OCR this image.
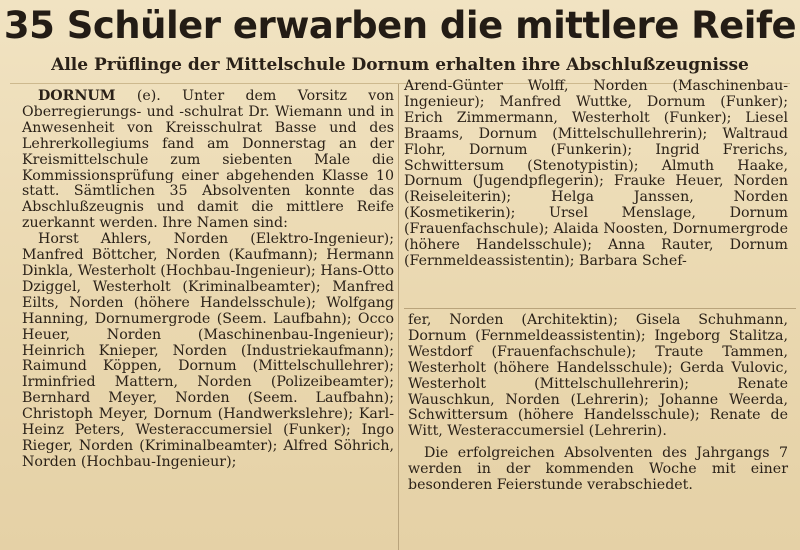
35 Schüler erwarben die mittlere Reife
Alle Prüflinge der Mittelschule Dornum erhalten ihre Abschlußzeugnisse
DORNUM (e). Unter dem Vorsitz von Oberregierungs- und -schulrat Dr. Wiemann und in Anwesenheit von Kreisschulrat Basse und des Lehrerkollegiums fand am Donnerstag an der Kreismittelschule zum siebenten Male die Kommissionsprüfung einer abgehenden Klasse 10 statt. Sämtlichen 35 Absolventen konnte das Abschlußzeugnis und damit die mittlere Reife zuerkannt werden. Ihre Namen sind:
Horst Ahlers, Norden (Elektro-Ingenieur); Manfred Böttcher, Norden (Kaufmann); Hermann Dinkla, Westerholt (Hochbau-Ingenieur); Hans-Otto Dziggel, Westerholt (Kriminalbeamter); Manfred Eilts, Norden (höhere Handelsschule); Wolfgang Hanning, Dornumergrode (Seem. Laufbahn); Occo Heuer, Norden (Maschinenbau-Ingenieur); Heinrich Knieper, Norden (Industriekaufmann); Raimund Köppen, Dornum (Mittelschullehrer); Irminfried Mattern, Norden (Polizeibeamter); Bernhard Meyer, Norden (Seem. Laufbahn); Christoph Meyer, Dornum (Handwerkslehre); Karl-Heinz Peters, Westeraccumersiel (Funker); Ingo Rieger, Norden (Kriminalbeamter); Alfred Söhrich, Norden (Hochbau-Ingenieur);
Arend-Günter Wolff, Norden (Maschinenbau-Ingenieur); Manfred Wuttke, Dornum (Funker); Erich Zimmermann, Westerholt (Funker); Liesel Braams, Dornum (Mittelschullehrerin); Waltraud Flohr, Dornum (Funkerin); Ingrid Frerichs, Schwittersum (Stenotypistin); Almuth Haake, Dornum (Jugendpflegerin); Frauke Heuer, Norden (Reiseleiterin); Helga Janssen, Norden (Kosmetikerin); Ursel Menslage, Dornum (Frauenfachschule); Alaida Noosten, Dornumergrode (höhere Handelsschule); Anna Rauter, Dornum (Fernmeldeassistentin); Barbara Schef-
fer, Norden (Architektin); Gisela Schuhmann, Dornum (Fernmeldeassistentin); Ingeborg Stalitza, Westdorf (Frauenfachschule); Traute Tammen, Westerholt (höhere Handelsschule); Gerda Vulovic, Westerholt (Mittelschullehrerin); Renate Wauschkun, Norden (Lehrerin); Johanne Weerda, Schwittersum (höhere Handelsschule); Renate de Witt, Westeraccumersiel (Lehrerin).
Die erfolgreichen Absolventen des Jahrgangs 7 werden in der kommenden Woche mit einer besonderen Feierstunde verabschiedet.
